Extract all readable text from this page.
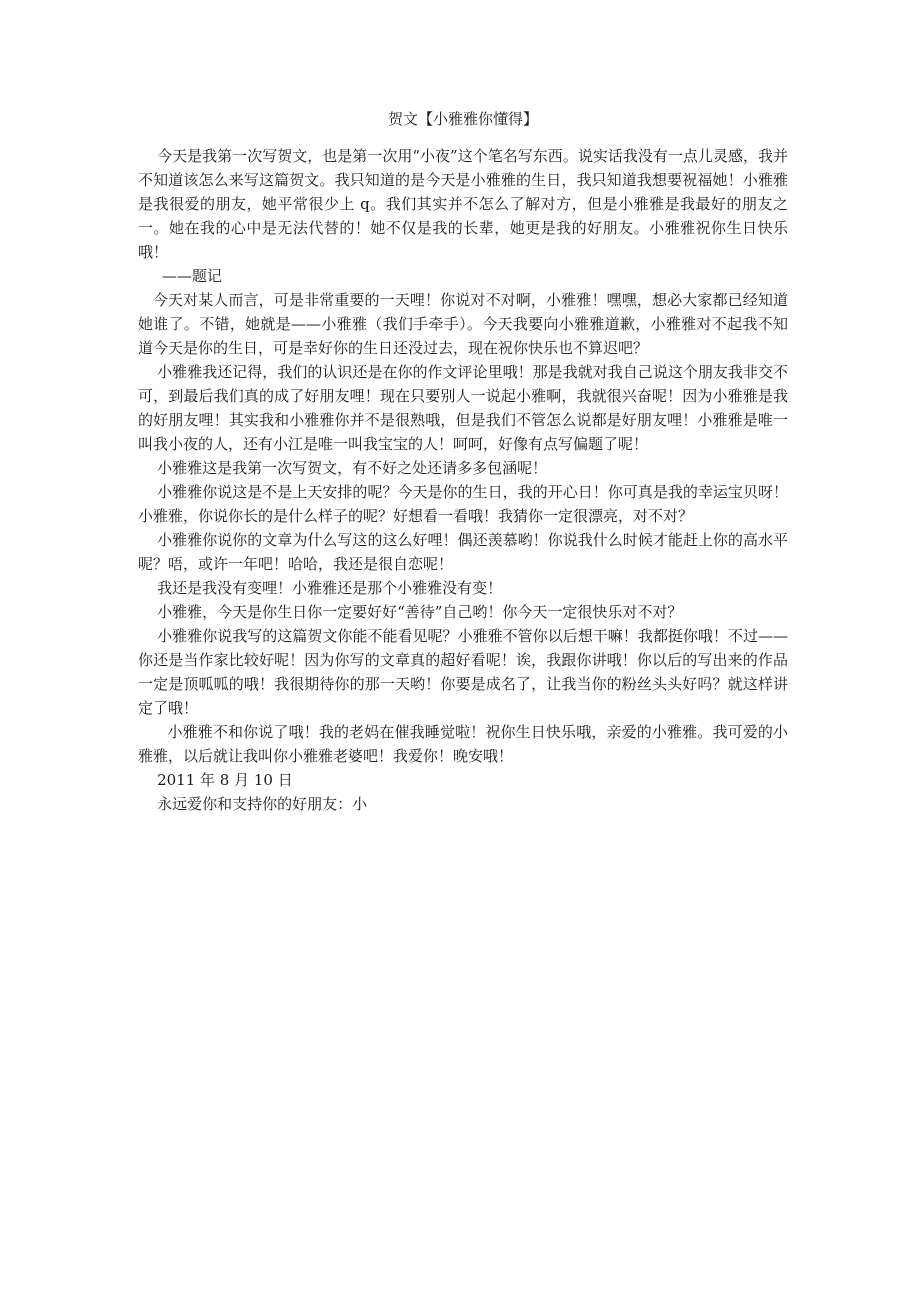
贺文【小雅雅你懂得】

今天是我第一次写贺文，也是第一次用“小夜”这个笔名写东西。说实话我没有一点儿灵感，我并不知道该怎么来写这篇贺文。我只知道的是今天是小雅雅的生日，我只知道我想要祝福她！小雅雅是我很爱的朋友，她平常很少上 q。我们其实并不怎么了解对方，但是小雅雅是我最好的朋友之一。她在我的心中是无法代替的！她不仅是我的长辈，她更是我的好朋友。小雅雅祝你生日快乐哦！

——题记

今天对某人而言，可是非常重要的一天哩！你说对不对啊，小雅雅！嘿嘿，想必大家都已经知道她谁了。不错，她就是——小雅雅（我们手牵手）。今天我要向小雅雅道歉，小雅雅对不起我不知道今天是你的生日，可是幸好你的生日还没过去，现在祝你快乐也不算迟吧？

小雅雅我还记得，我们的认识还是在你的作文评论里哦！那是我就对我自己说这个朋友我非交不可，到最后我们真的成了好朋友哩！现在只要别人一说起小雅啊，我就很兴奋呢！因为小雅雅是我的好朋友哩！其实我和小雅雅你并不是很熟哦，但是我们不管怎么说都是好朋友哩！小雅雅是唯一叫我小夜的人，还有小江是唯一叫我宝宝的人！呵呵，好像有点写偏题了呢！

小雅雅这是我第一次写贺文，有不好之处还请多多包涵呢！

小雅雅你说这是不是上天安排的呢？今天是你的生日，我的开心日！你可真是我的幸运宝贝呀！小雅雅，你说你长的是什么样子的呢？好想看一看哦！我猜你一定很漂亮，对不对？

小雅雅你说你的文章为什么写这的这么好哩！偶还羡慕哟！你说我什么时候才能赶上你的高水平呢？唔，或许一年吧！哈哈，我还是很自恋呢！

我还是我没有变哩！小雅雅还是那个小雅雅没有变！

小雅雅，今天是你生日你一定要好好“善待”自己哟！你今天一定很快乐对不对？

小雅雅你说我写的这篇贺文你能不能看见呢？小雅雅不管你以后想干嘛！我都挺你哦！不过——你还是当作家比较好呢！因为你写的文章真的超好看呢！诶，我跟你讲哦！你以后的写出来的作品一定是顶呱呱的哦！我很期待你的那一天哟！你要是成名了，让我当你的粉丝头头好吗？就这样讲定了哦！

小雅雅不和你说了哦！我的老妈在催我睡觉啦！祝你生日快乐哦，亲爱的小雅雅。我可爱的小雅雅，以后就让我叫你小雅雅老婆吧！我爱你！晚安哦！

2011 年 8 月 10 日

永远爱你和支持你的好朋友：小
